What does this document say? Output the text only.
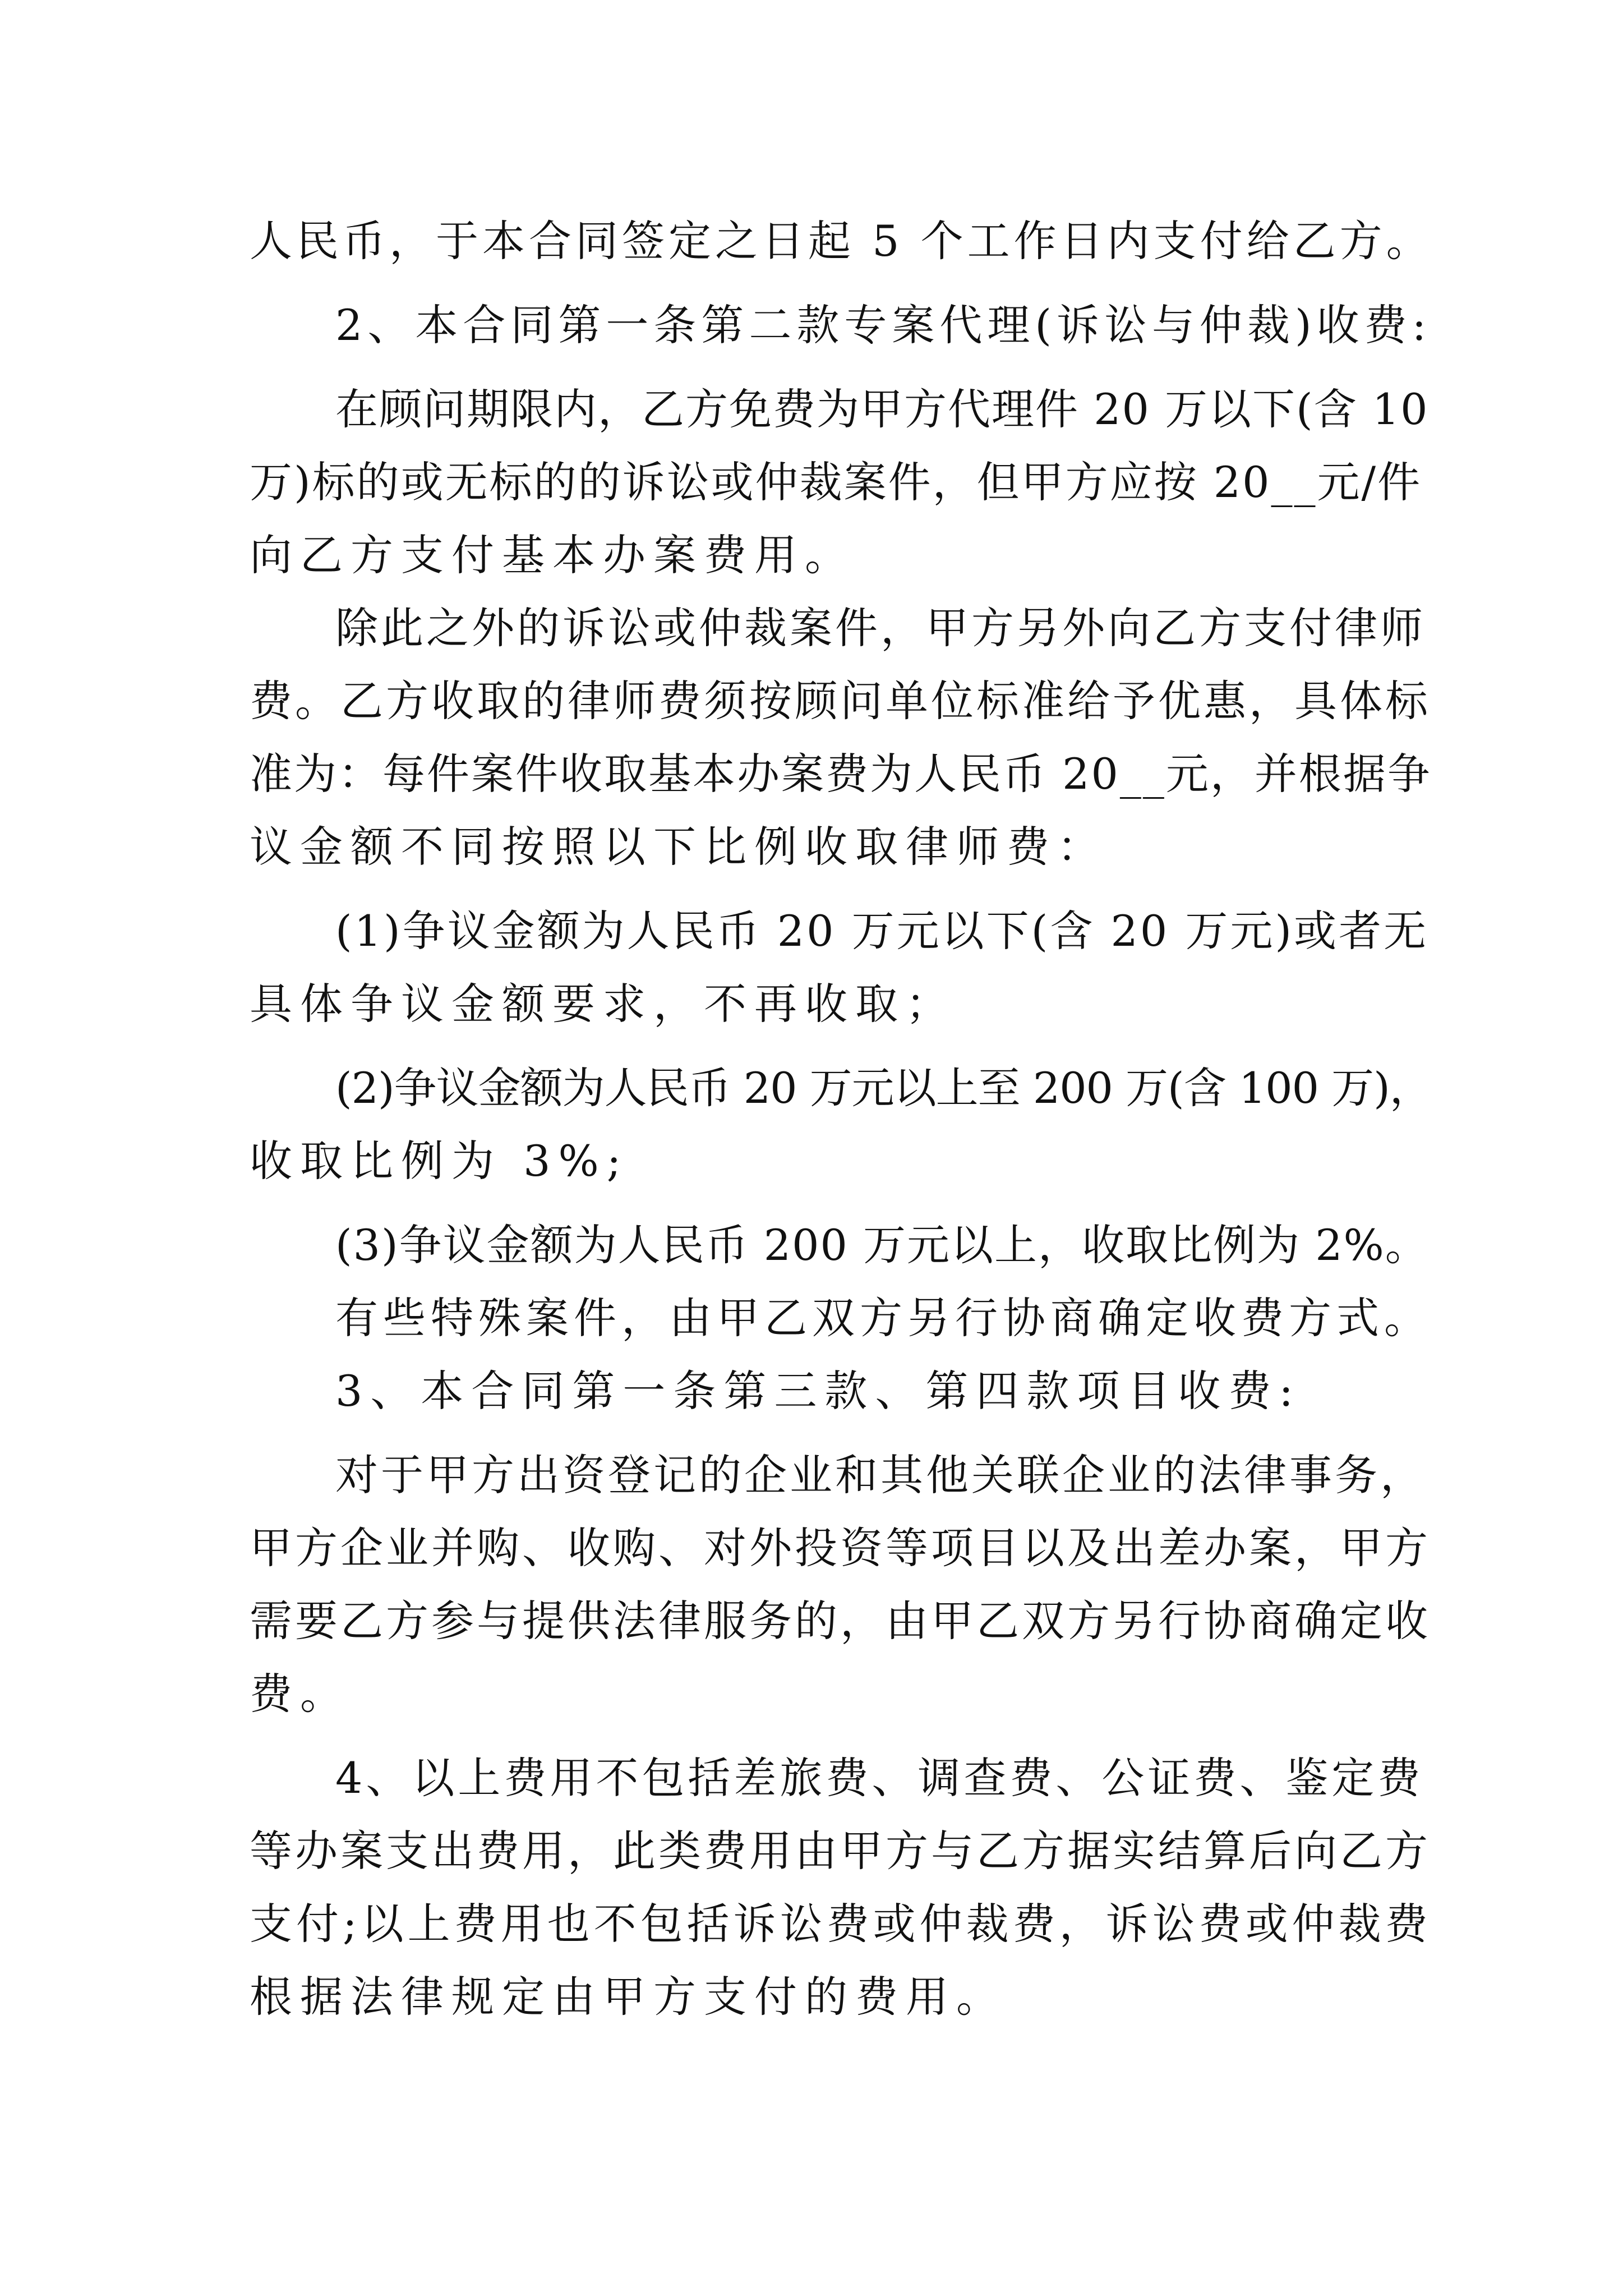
人民币，于本合同签定之日起 5 个工作日内支付给乙方。
2、本合同第一条第二款专案代理(诉讼与仲裁)收费:
在顾问期限内，乙方免费为甲方代理件 20 万以下(含 10
万)标的或无标的的诉讼或仲裁案件，但甲方应按 20__元/件
向乙方支付基本办案费用。
除此之外的诉讼或仲裁案件，甲方另外向乙方支付律师
费。乙方收取的律师费须按顾问单位标准给予优惠，具体标
准为：每件案件收取基本办案费为人民币 20__元，并根据争
议金额不同按照以下比例收取律师费：
(1)争议金额为人民币 20 万元以下(含 20 万元)或者无
具体争议金额要求，不再收取；
(2)争议金额为人民币 20 万元以上至 200 万(含 100 万)，
收取比例为 3%;
(3)争议金额为人民币 200 万元以上，收取比例为 2%。
有些特殊案件，由甲乙双方另行协商确定收费方式。
3、本合同第一条第三款、第四款项目收费:
对于甲方出资登记的企业和其他关联企业的法律事务，
甲方企业并购、收购、对外投资等项目以及出差办案，甲方
需要乙方参与提供法律服务的，由甲乙双方另行协商确定收
费。
4、以上费用不包括差旅费、调查费、公证费、鉴定费
等办案支出费用，此类费用由甲方与乙方据实结算后向乙方
支付;以上费用也不包括诉讼费或仲裁费，诉讼费或仲裁费
根据法律规定由甲方支付的费用。
